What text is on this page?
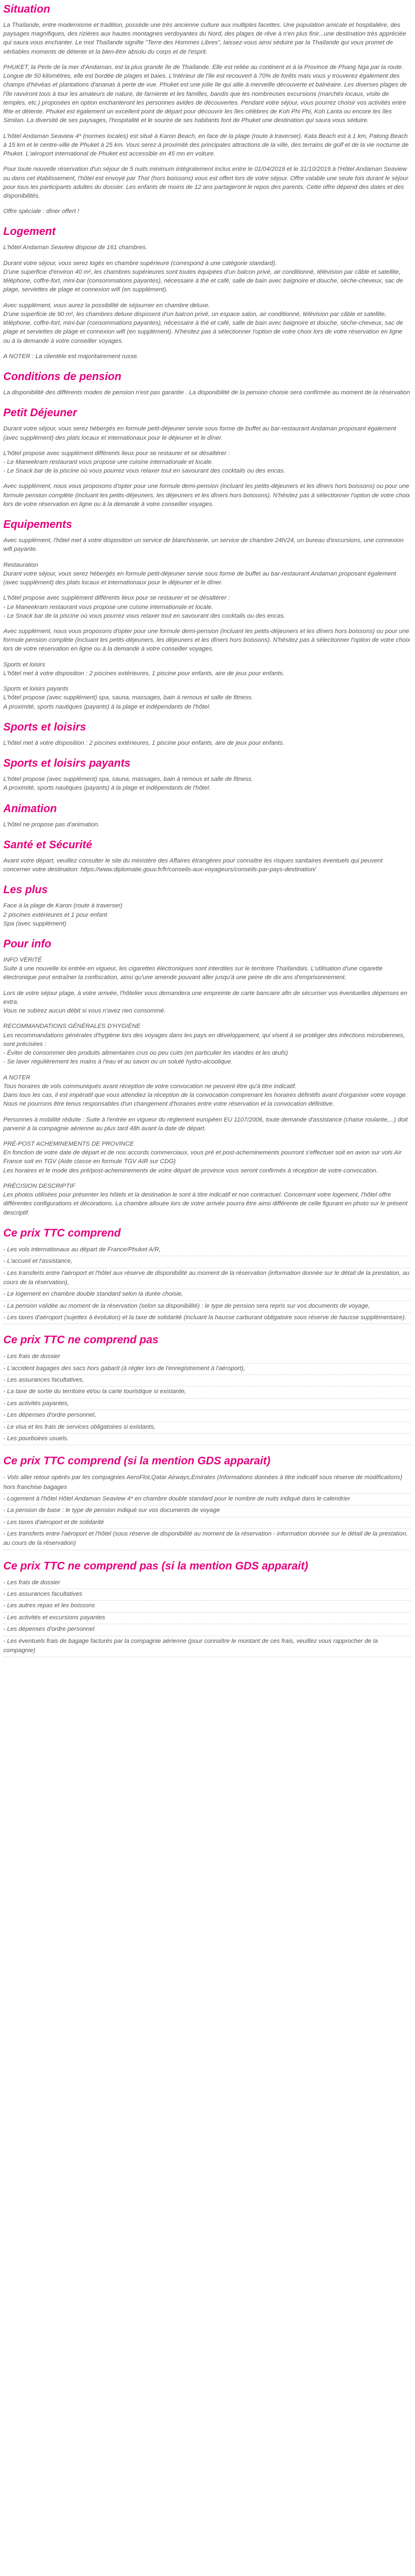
Situation

La Thaïlande, entre modernisme et tradition, possède une très ancienne culture aux multiples facettes. Une population amicale et hospitalière, des paysages magnifiques, des rizières aux hautes montagnes verdoyantes du Nord, des plages de rêve à n'en plus finir...une destination très appréciée qui saura vous enchanter. Le mot Thaïlande signifie "Terre des Hommes Libres", laissez-vous ainsi séduire par la Thaïlande qui vous promet de véritables moments de détente et la bien-être absolu du corps et de l'esprit.

PHUKET, la Perle de la mer d'Andaman, est la plus grande île de Thaïlande. Elle est reliée au continent et à la Province de Phang Nga par la route. Longue de 50 kilomètres, elle est bordée de plages et baies. L'intérieur de l'île est recouvert à 70% de forêts mais vous y trouverez également des champs d'hévéas et plantations d'ananas à perte de vue. Phuket est une jolie île qui allie à merveille découverte et balnéaire. Les diverses plages de l'île ravviront tous à tour les amateurs de nature, de farniente et les familles, bandis que les nombreuses excursions (marchés locaux, visite de temples, etc.) proposées en option enchanteront les personnes avides de découvertes. Pendant votre séjour, vous pourrez choisir vos activités entre fête et détente. Phuket est également un excellent point de départ pour découvrir les îles célèbres de Koh Phi Phi, Koh Lanta ou encore les îles Similan. La diversité de ses paysages, l'hospitalité et le sourire de ses habitants font de Phuket une destination qui saura vous séduire.

L'hôtel Andaman Seaview 4* (normes locales) est situé à Karon Beach, en face de la plage (route à traverser). Kata Beach est à 1 km, Patong Beach à 15 km et le centre-ville de Phuket à 25 km. Vous serez à proximité des principales attractions de la ville, des terrains de golf et de la vie nocturne de Phuket. L'aéroport international de Phuket est accessible en 45 mn en voiture.

Pour toute nouvelle réservation d'un séjour de 5 nuits minimum intégralement inclus entre le 01/04/2019 et le 31/10/2019 à l'Hôtel Andaman Seaview ou dans cet établissement, l'hôtel est envoyé par Thaï (hors boissons) vous est offert lors de votre séjour. Offre valable une seule fois durant le séjour pour tous les participants adultes du dossier. Les enfants de moins de 12 ans partageront le repos des parents. Cette offre dépend des dates et des disponibilités.

Offre spéciale : dîner offert !

Logement

L'hôtel Andaman Seaview dispose de 161 chambres.

Durant votre séjour, vous serez logés en chambre supérieure (correspond à une catégorie standard).
D'une superficie d'environ 40 m², les chambres supérieures sont toutes équipées d'un balcon privé, air conditionné, télévision par câble et satellite, téléphone, coffre-fort, mini-bar (consommations payantes), nécessaire à thé et café, salle de bain avec baignoire et douche, sèche-cheveux, sac de plage, serviettes de plage et connexion wifi (en supplément).

Avec supplément, vous aurez la possibilité de séjourner en chambre deluxe.
D'une superficie de 90 m², les chambres deluxe disposent d'un balcon privé, un espace salon, air conditionné, télévision par câble et satellite, téléphone, coffre-fort, mini-bar (consommations payantes), nécessaire à thé et café, salle de bain avec baignoire et douche, sèche-cheveux, sac de plage et serviettes de plage et connexion wifi (en supplément). N'hésitez pas à sélectionner l'option de votre choix lors de votre réservation en ligne ou à la demande à votre conseiller voyages.

A NOTER : La clientèle est majoritairement russe.

Conditions de pension

La disponibilité des différents modes de pension n'est pas garantie . La disponibilité de la pension choisie sera confirmée au moment de la réservation

Petit Déjeuner

Durant votre séjour, vous serez hébergés en formule petit-déjeuner servie sous forme de buffet au bar-restaurant Andaman proposant également (avec supplément) des plats locaux et internationaux pour le déjeuner et le dîner.

L'hôtel propose avec supplément différents lieux pour se restaurer et se désaltérer :
- Le Maneekram restaurant vous propose une cuisine internationale et locale.
- Le Snack bar de la piscine où vous pourrez vous relaxer tout en savourant des cocktails ou des encas.

Avec supplément, nous vous proposons d'opter pour une formule demi-pension (incluant les petits-déjeuners et les dîners hors boissons) ou pour une formule pension complète (incluant les petits-déjeuners, les déjeuners et les dîners hors boissons). N'hésitez pas à sélectionner l'option de votre choix lors de votre réservation en ligne ou à la demande à votre conseiller voyages.

Equipements

Avec supplément, l'hôtel met à votre disposition un service de blanchisserie, un service de chambre 24h/24, un bureau d'excursions, une connexion wifi payante.

Restauration
Durant votre séjour, vous serez hébergés en formule petit-déjeuner servie sous forme de buffet au bar-restaurant Andaman proposant également (avec supplément) des plats locaux et internationaux pour le déjeuner et le dîner.

L'hôtel propose avec supplément différents lieux pour se restaurer et se désaltérer :
- Le Maneekram restaurant vous propose une cuisine internationale et locale.
- Le Snack bar de la piscine où vous pourrez vous relaxer tout en savourant des cocktails ou des encas.

Avec supplément, nous vous proposons d'opter pour une formule demi-pension (incluant les petits-déjeuners et les dîners hors boissons) ou pour une formule pension complète (incluant les petits-déjeuners, les déjeuners et les dîners hors boissons). N'hésitez pas à sélectionner l'option de votre choix lors de votre réservation en ligne ou à la demande à votre conseiller voyages.

Sports et loisirs
L'hôtel met à votre disposition : 2 piscines extérieures, 1 piscine pour enfants, aire de jeux pour enfants.

Sports et loisirs payants
L'hôtel propose (avec supplément) spa, sauna, massages, bain à remous et salle de fitness.
A proximité, sports nautiques (payants) à la plage et indépendants de l'hôtel.

Sports et loisirs

L'hôtel met à votre disposition : 2 piscines extérieures, 1 piscine pour enfants, aire de jeux pour enfants.

Sports et loisirs payants

L'hôtel propose (avec supplément) spa, sauna, massages, bain à remous et salle de fitness.
A proximité, sports nautiques (payants) à la plage et indépendants de l'hôtel.

Animation

L'hôtel ne propose pas d'animation.

Santé et Sécurité

Avant votre départ, veuillez consulter le site du ministère des Affaires étrangères pour connaître les risques sanitaires éventuels qui peuvent concerner votre destination: https://www.diplomatie.gouv.fr/fr/conseils-aux-voyageurs/conseils-par-pays-destination/

Les plus

Face à la plage de Karon (route à traverser)
2 piscines extérieures et 1 pour enfant
Spa (avec supplément)

Pour info

INFO VÉRITÉ
Suite à une nouvelle loi entrée en vigueur, les cigarettes électroniques sont interdites sur le territoire Thaïlandais. L'utilisation d'une cigarette électronique peut entraîner la confiscation, ainsi qu'une amende pouvant aller jusqu'à une peine de dix ans d'emprisonnement.

Lors de votre séjour plage, à votre arrivée, l'hôtelier vous demandera une empreinte de carte bancaire afin de sécuriser vos éventuelles dépenses en extra.
Vous ne subirez aucun débit si vous n'avez rien consommé.

RECOMMANDATIONS GÉNÉRALES D'HYGIÈNE
Les recommandations générales d'hygiène lors des voyages dans les pays en développement, qui visent à se protéger des infections microbiennes, sont précisées :
- Éviter de consommer des produits alimentaires crus ou peu cuits (en particulier les viandes et les œufs)
- Se laver régulièrement les mains à l'eau et au savon ou un soluté hydro-alcoolique.

A NOTER
Tous horaires de vols communiqués avant réception de votre convocation ne peuvent être qu'à titre indicatif.
Dans tous les cas, il est impératif que vous attendiez la réception de la convocation comprenant les horaires définitifs avant d'organiser votre voyage.
Nous ne pourrons être tenus responsables d'un changement d'horaires entre votre réservation et la convocation définitive.

Personnes à mobilité réduite : Suite à l'entrée en vigueur du règlement européen EU 1107/2006, toute demande d'assistance (chaise roulante,...) doit parvenir à la compagnie aérienne au plus tard 48h avant la date de départ.

PRÉ-POST ACHEMINEMENTS DE PROVINCE
En fonction de votre date de départ et de nos accords commerciaux, vous pré et post-acheminements pourront s'effectuer soit en avion sur vols Air France soit en TGV (Aide classe en formule TGV AIR sur CDG)
Les horaires et le mode des pré/post-acheminements de votre départ de province vous seront confirmés à réception de votre convocation.

PRÉCISION DESCRIPTIF
Les photos utilisées pour présenter les hôtels et la destination le sont à titre indicatif et non contractuel. Concernant votre logement, l'hôtel offre différentes configurations et décorations. La chambre allouée lors de votre arrivée pourra être ainsi différente de celle figurant en photo sur le présent descriptif.

Ce prix TTC comprend
- Les vols internationaux au départ de France/Phuket A/R,
- L'accueil et l'assistance,
- Les transferts entre l'aéroport et l'hôtel aux réserve de disponibilité au moment de la réservation (information donnée sur le détail de la prestation, au cours de la réservation),
- Le logement en chambre double standard selon la durée choisie,
- La pension validée au moment de la réservation (selon sa disponibilité) : le type de pension sera repris sur vos documents de voyage,
- Les taxes d'aéroport (sujettes à évolution) et la taxe de solidarité (incluant la hausse carburant obligatoire sous réserve de hausse supplémentaire).
Ce prix TTC ne comprend pas
- Les frais de dossier
- L'accident bagages des sacs hors gabarit (à régler lors de l'enregistrement à l'aéroport),
- Les assurances facultatives,
- La taxe de sortie du territoire et/ou la carte touristique si existante,
- Les activités payantes,
- Les dépenses d'ordre personnel,
- Le visa et les frais de services obligatoires si existants,
- Les pourboires usuels.
Ce prix TTC comprend (si la mention GDS apparait)
- Vols aller retour opérés par les compagnies AeroFlot,Qatar Airways,Emirates (Informations données à titre indicatif sous réserve de modifications) hors franchise bagages
- Logement à l'hôtel Hôtel Andaman Seaview 4* en chambre double standard pour le nombre de nuits indiqué dans le calendrier
- La pension de base : le type de pension indiqué sur vos documents de voyage
- Les taxes d'aéroport et de solidarité
- Les transferts entre l'aéroport et l'hôtel (sous réserve de disponibilité au moment de la réservation - information donnée sur le détail de la prestation, au cours de la réservation)
Ce prix TTC ne comprend pas (si la mention GDS apparait)
- Les frais de dossier
- Les assurances facultatives
- Les autres repas et les boissons
- Les activités et excursions payantes
- Les dépenses d'ordre personnel
- Les éventuels frais de bagage facturés par la compagnie aérienne (pour connaître le montant de ces frais, veuillez vous rapprocher de la compagnie)
